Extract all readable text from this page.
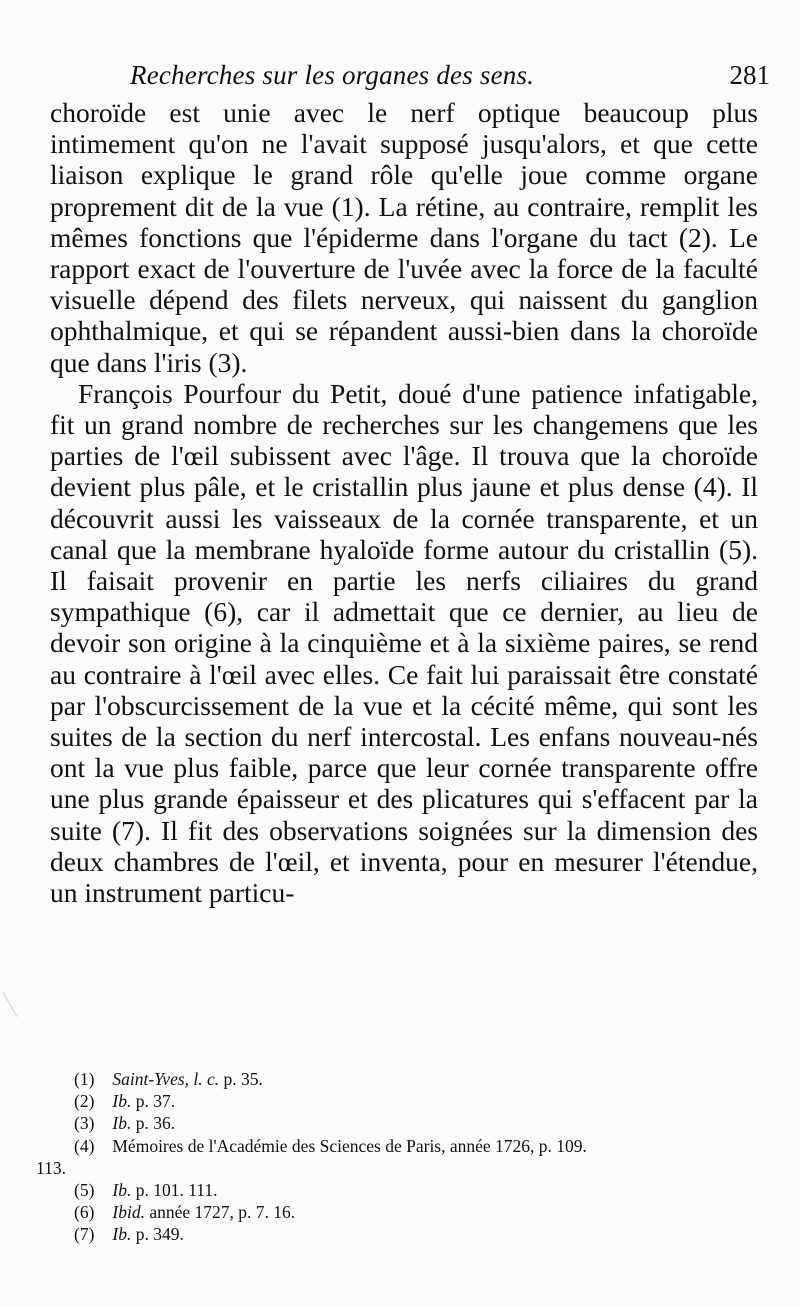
Recherches sur les organes des sens.	281

choroïde est unie avec le nerf optique beaucoup plus intimement qu'on ne l'avait supposé jusqu'alors, et que cette liaison explique le grand rôle qu'elle joue comme organe proprement dit de la vue (1). La rétine, au contraire, remplit les mêmes fonctions que l'épiderme dans l'organe du tact (2). Le rapport exact de l'ouverture de l'uvée avec la force de la faculté visuelle dépend des filets nerveux, qui naissent du ganglion ophthalmique, et qui se répandent aussi-bien dans la choroïde que dans l'iris (3).

François Pourfour du Petit, doué d'une patience infatigable, fit un grand nombre de recherches sur les changemens que les parties de l'œil subissent avec l'âge. Il trouva que la choroïde devient plus pâle, et le cristallin plus jaune et plus dense (4). Il découvrit aussi les vaisseaux de la cornée transparente, et un canal que la membrane hyaloïde forme autour du cristallin (5). Il faisait provenir en partie les nerfs ciliaires du grand sympathique (6), car il admettait que ce dernier, au lieu de devoir son origine à la cinquième et à la sixième paires, se rend au contraire à l'œil avec elles. Ce fait lui paraissait être constaté par l'obscurcissement de la vue et la cécité même, qui sont les suites de la section du nerf intercostal. Les enfans nouveau-nés ont la vue plus faible, parce que leur cornée transparente offre une plus grande épaisseur et des plicatures qui s'effacent par la suite (7). Il fit des observations soignées sur la dimension des deux chambres de l'œil, et inventa, pour en mesurer l'étendue, un instrument particu-

(1) Saint-Yves, l. c. p. 35.
(2) Ib. p. 37.
(3) Ib. p. 36.
(4) Mémoires de l'Académie des Sciences de Paris, année 1726, p. 109.
113.
(5) Ib. p. 101. 111.
(6) Ibid. année 1727, p. 7. 16.
(7) Ib. p. 349.
